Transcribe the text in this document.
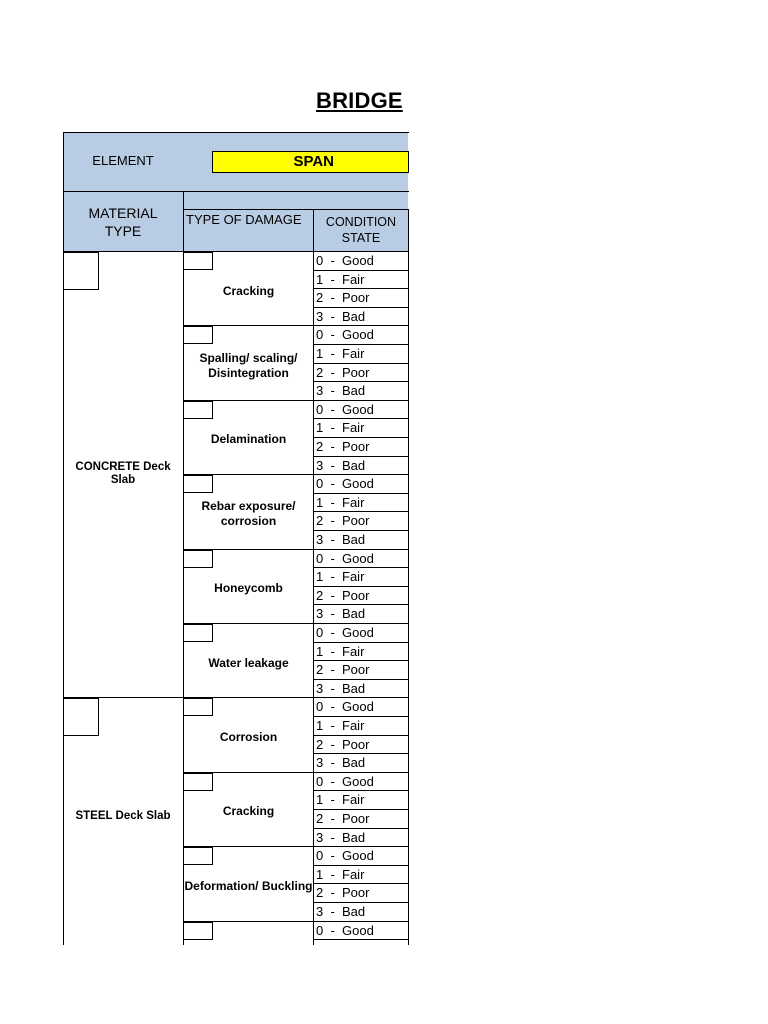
BRIDGE
ELEMENT	SPAN
MATERIAL TYPE
TYPE OF DAMAGE	CONDITION STATE
CONCRETE Deck Slab
Cracking
0  -  Good
1  -  Fair
2  -  Poor
3  -  Bad
Spalling/ scaling/ Disintegration
0  -  Good
1  -  Fair
2  -  Poor
3  -  Bad
Delamination
0  -  Good
1  -  Fair
2  -  Poor
3  -  Bad
Rebar exposure/ corrosion
0  -  Good
1  -  Fair
2  -  Poor
3  -  Bad
Honeycomb
0  -  Good
1  -  Fair
2  -  Poor
3  -  Bad
Water leakage
0  -  Good
1  -  Fair
2  -  Poor
3  -  Bad
STEEL Deck Slab
Corrosion
0  -  Good
1  -  Fair
2  -  Poor
3  -  Bad
Cracking
0  -  Good
1  -  Fair
2  -  Poor
3  -  Bad
Deformation/ Buckling
0  -  Good
1  -  Fair
2  -  Poor
3  -  Bad
0  -  Good
